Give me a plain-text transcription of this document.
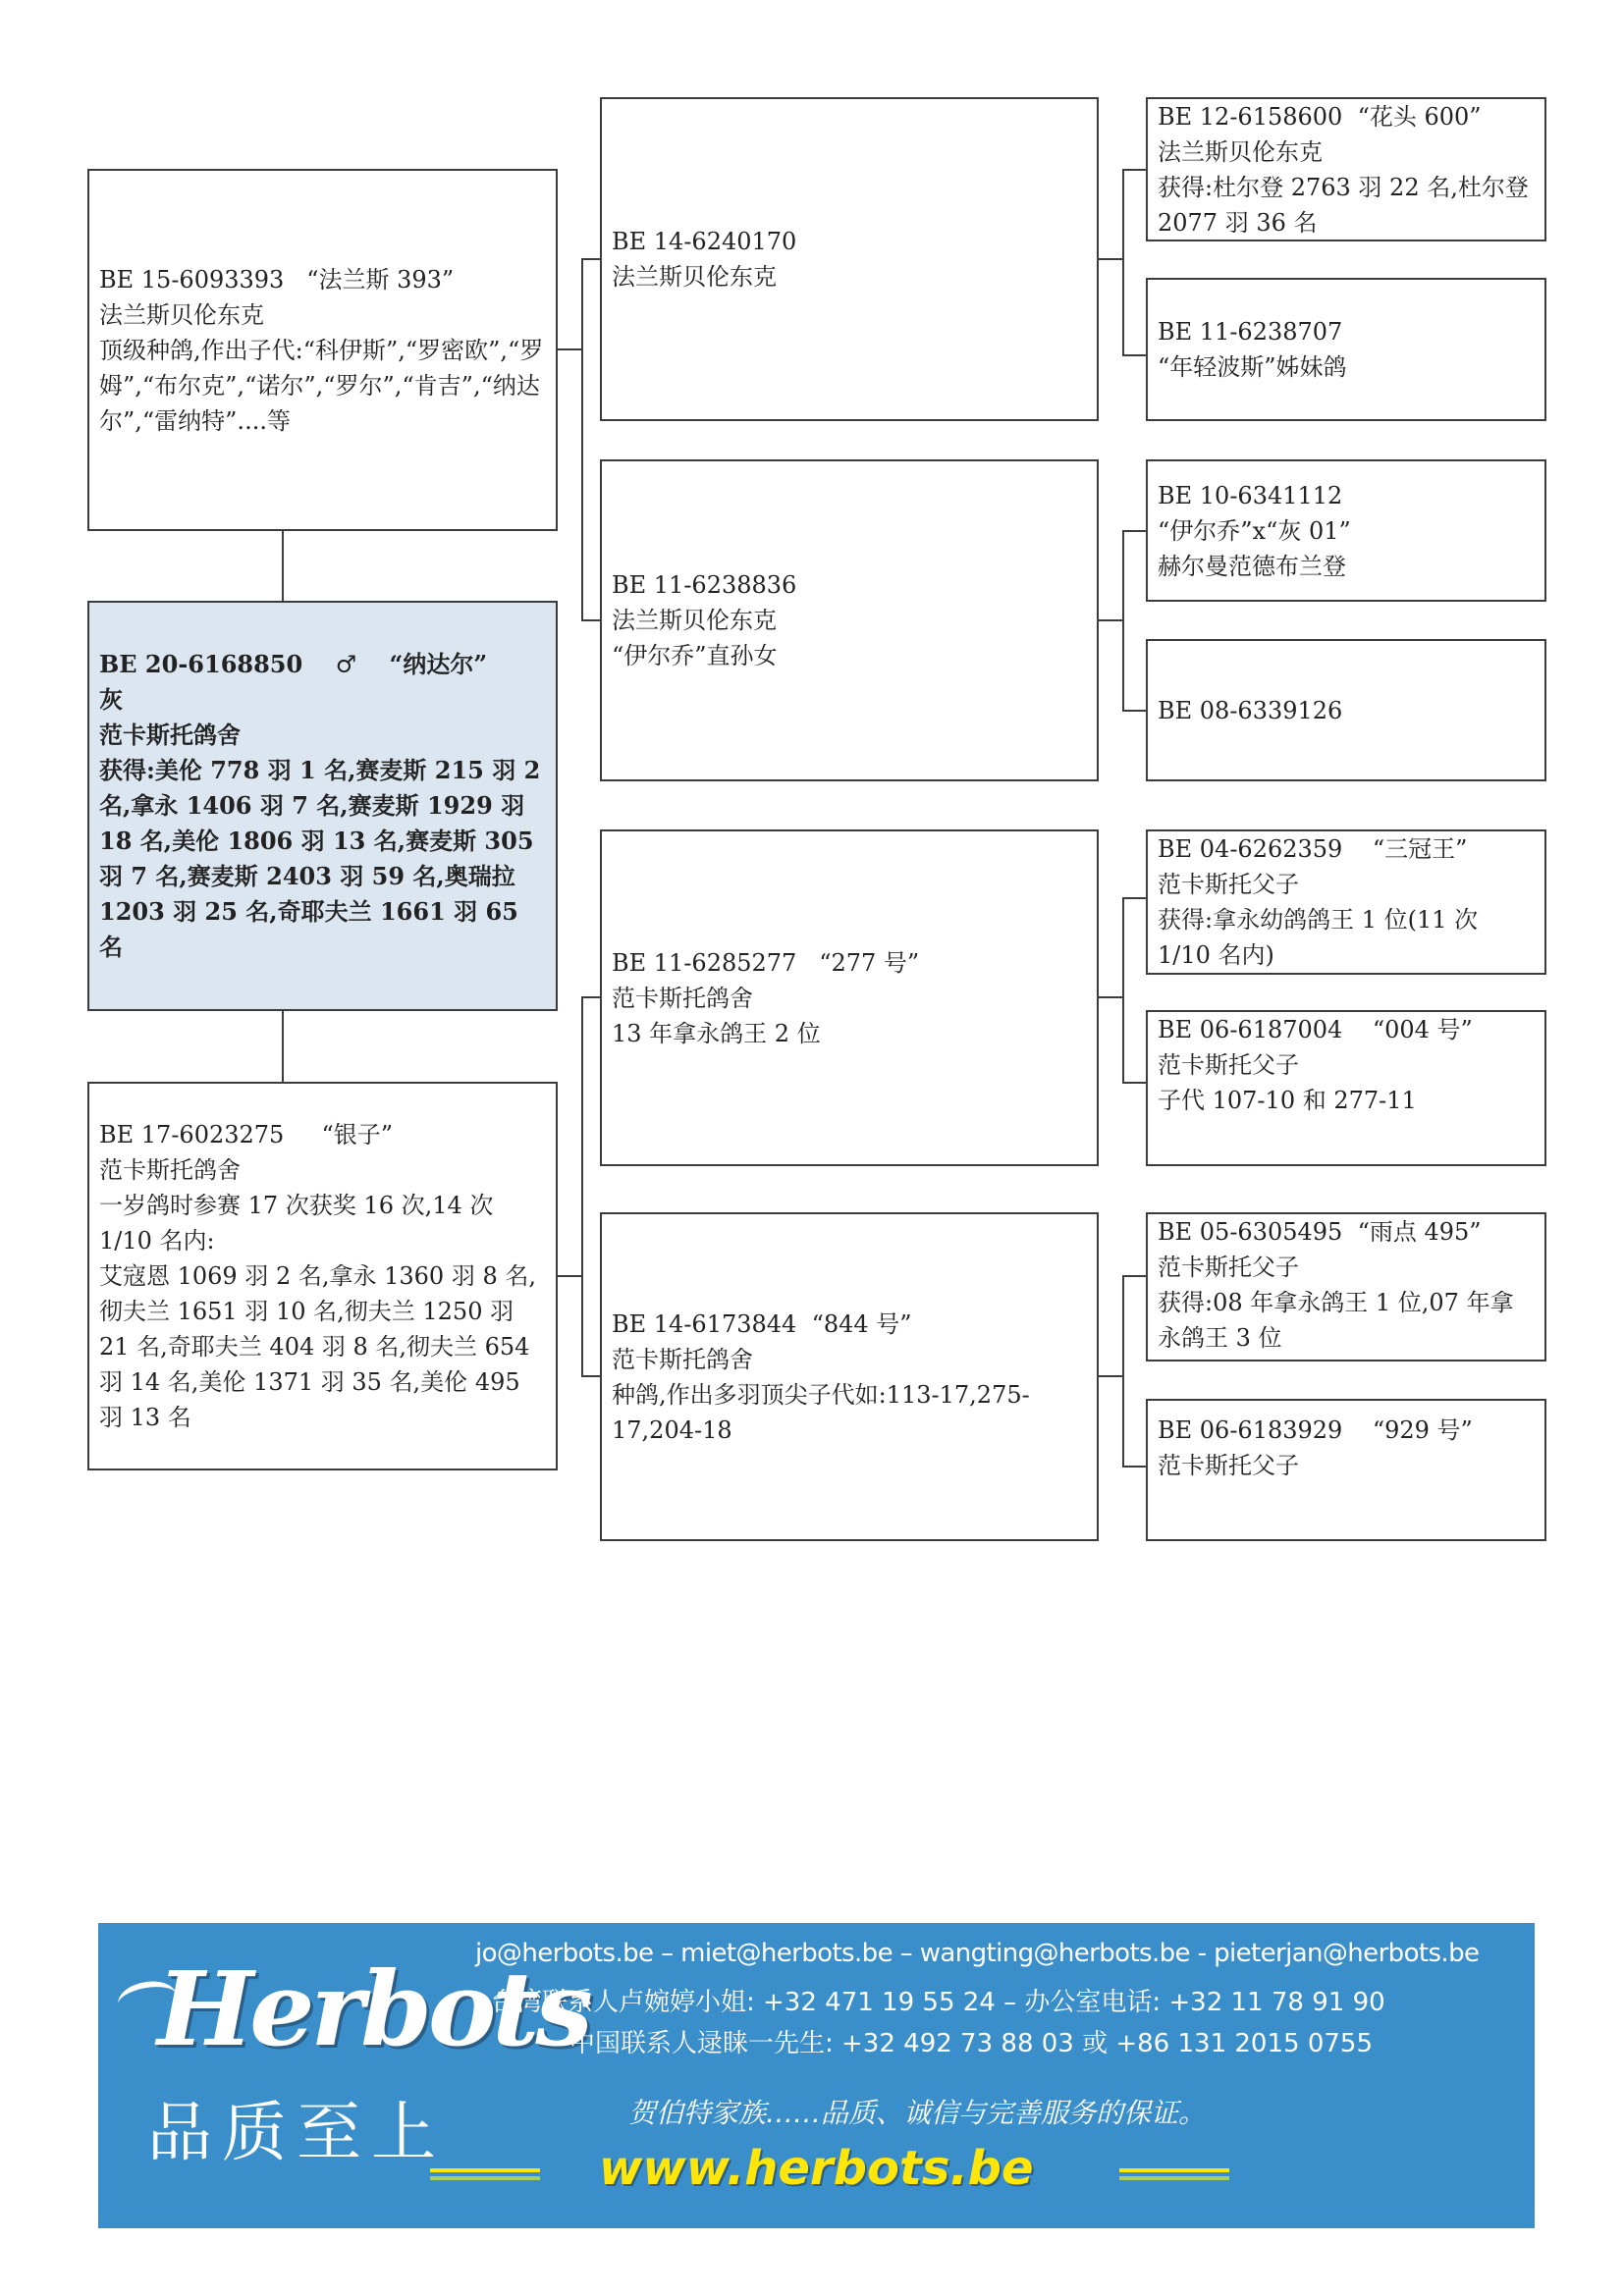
BE 15-6093393   “法兰斯 393”
法兰斯贝伦东克
顶级种鸽,作出子代:“科伊斯”,“罗密欧”,“罗姆”,“布尔克”,“诺尔”,“罗尔”,“肯吉”,“纳达尔”,“雷纳特”....等
BE 20-6168850    ♂    “纳达尔”
灰
范卡斯托鸽舍
获得:美伦 778 羽 1 名,赛麦斯 215 羽 2 名,拿永 1406 羽 7 名,赛麦斯 1929 羽 18 名,美伦 1806 羽 13 名,赛麦斯 305 羽 7 名,赛麦斯 2403 羽 59 名,奥瑞拉 1203 羽 25 名,奇耶夫兰 1661 羽 65 名
BE 17-6023275     “银子”
范卡斯托鸽舍
一岁鸽时参赛 17 次获奖 16 次,14 次 1/10 名内:
艾寇恩 1069 羽 2 名,拿永 1360 羽 8 名,彻夫兰 1651 羽 10 名,彻夫兰 1250 羽 21 名,奇耶夫兰 404 羽 8 名,彻夫兰 654 羽 14 名,美伦 1371 羽 35 名,美伦 495 羽 13 名
BE 14-6240170
法兰斯贝伦东克
BE 11-6238836
法兰斯贝伦东克
“伊尔乔”直孙女
BE 11-6285277   “277 号”
范卡斯托鸽舍
13 年拿永鸽王 2 位
BE 14-6173844  “844 号”
范卡斯托鸽舍
种鸽,作出多羽顶尖子代如:113-17,275-17,204-18
BE 12-6158600  “花头 600”
法兰斯贝伦东克
获得:杜尔登 2763 羽 22 名,杜尔登 2077 羽 36 名
BE 11-6238707
“年轻波斯”姊妹鸽
BE 10-6341112
“伊尔乔”x“灰 01”
赫尔曼范德布兰登
BE 08-6339126
BE 04-6262359    “三冠王”
范卡斯托父子
获得:拿永幼鸽鸽王 1 位(11 次 1/10 名内)
BE 06-6187004    “004 号”
范卡斯托父子
子代 107-10 和 277-11
BE 05-6305495  “雨点 495”
范卡斯托父子
获得:08 年拿永鸽王 1 位,07 年拿永鸽王 3 位
BE 06-6183929    “929 号”
范卡斯托父子
Herbots
品质至上
jo@herbots.be – miet@herbots.be – wangting@herbots.be - pieterjan@herbots.be
台湾联系人卢婉婷小姐: +32 471 19 55 24 – 办公室电话: +32 11 78 91 90
中国联系人逯睐一先生: +32 492 73 88 03 或 +86 131 2015 0755
贺伯特家族……品质、诚信与完善服务的保证。
www.herbots.be
